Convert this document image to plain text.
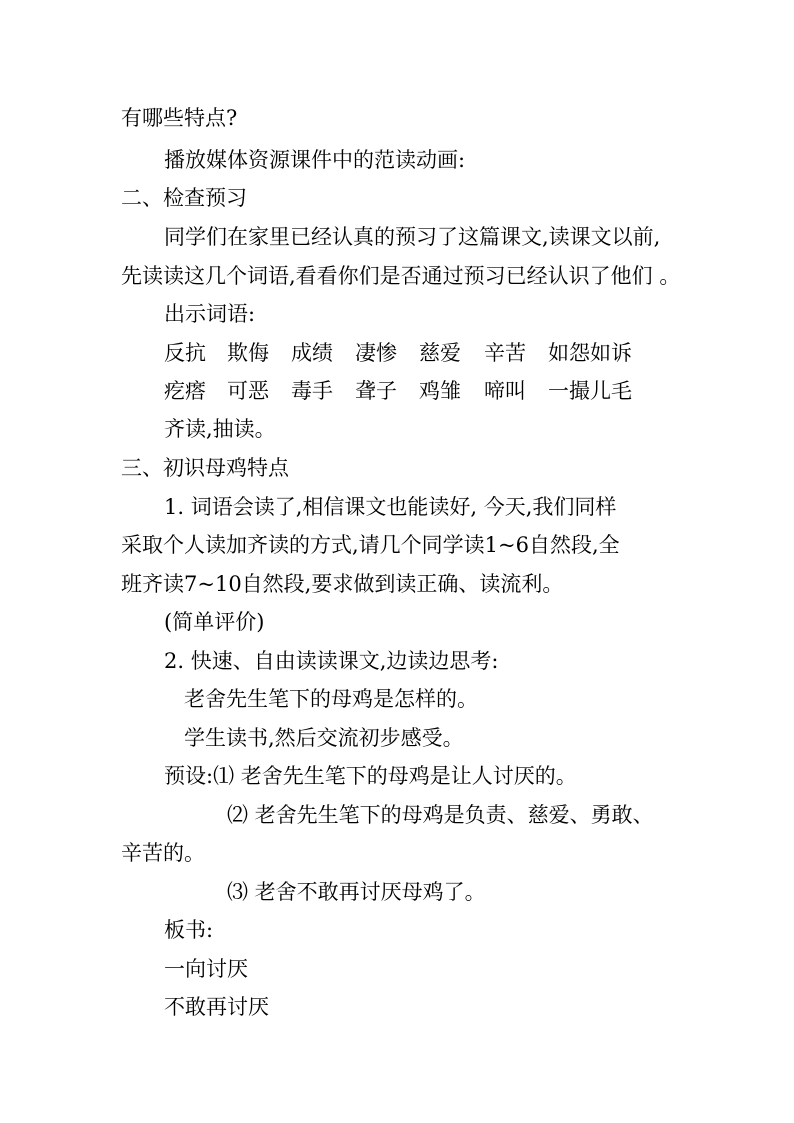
有哪些特点?
播放媒体资源课件中的范读动画:
二、检查预习
同学们在家里已经认真的预习了这篇课文,读课文以前,
先读读这几个词语,看看你们是否通过预习已经认识了他们 。
出示词语:
反抗 欺侮 成绩 凄惨 慈爱 辛苦 如怨如诉
疙瘩 可恶 毒手 聋子 鸡雏 啼叫 一撮儿毛
齐读,抽读。
三、初识母鸡特点
1. 词语会读了,相信课文也能读好, 今天,我们同样
采取个人读加齐读的方式,请几个同学读1~6自然段,全
班齐读7~10自然段,要求做到读正确、读流利。
(简单评价)
2. 快速、自由读读课文,边读边思考:
老舍先生笔下的母鸡是怎样的。
学生读书,然后交流初步感受。
预设:⑴ 老舍先生笔下的母鸡是让人讨厌的。
⑵ 老舍先生笔下的母鸡是负责、慈爱、勇敢、
辛苦的。
⑶ 老舍不敢再讨厌母鸡了。
板书:
一向讨厌
不敢再讨厌
